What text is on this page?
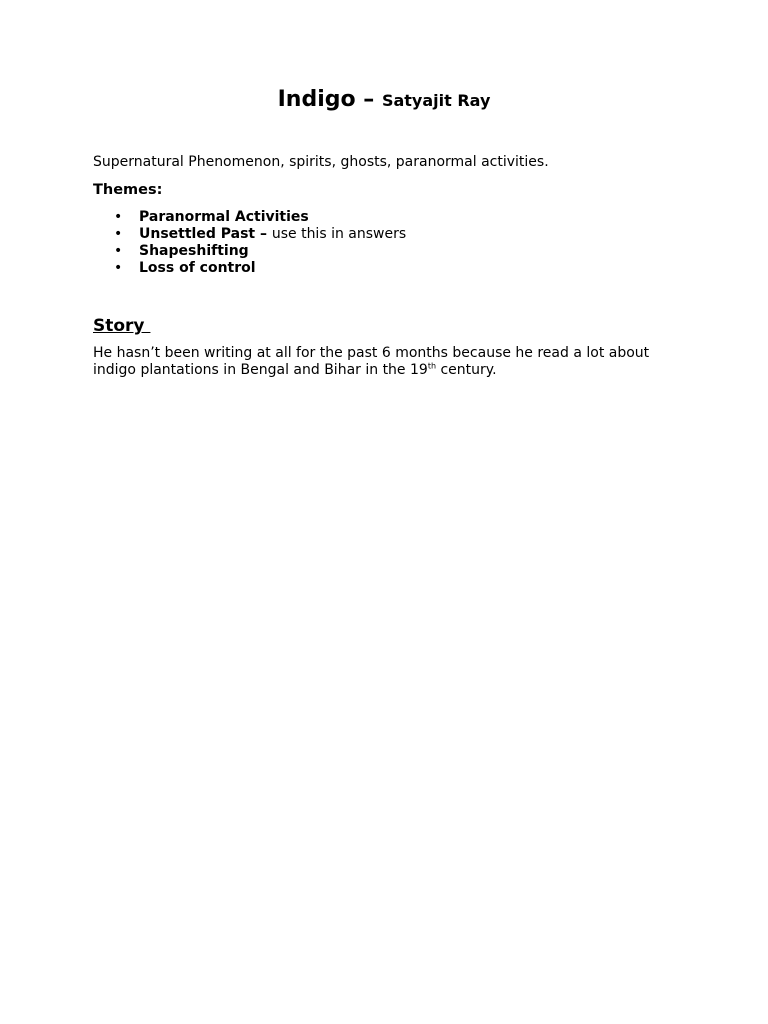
Indigo – Satyajit Ray
Supernatural Phenomenon, spirits, ghosts, paranormal activities.
Themes:
• Paranormal Activities
• Unsettled Past – use this in answers
• Shapeshifting
• Loss of control
Story
He hasn’t been writing at all for the past 6 months because he read a lot about
indigo plantations in Bengal and Bihar in the 19th century.
